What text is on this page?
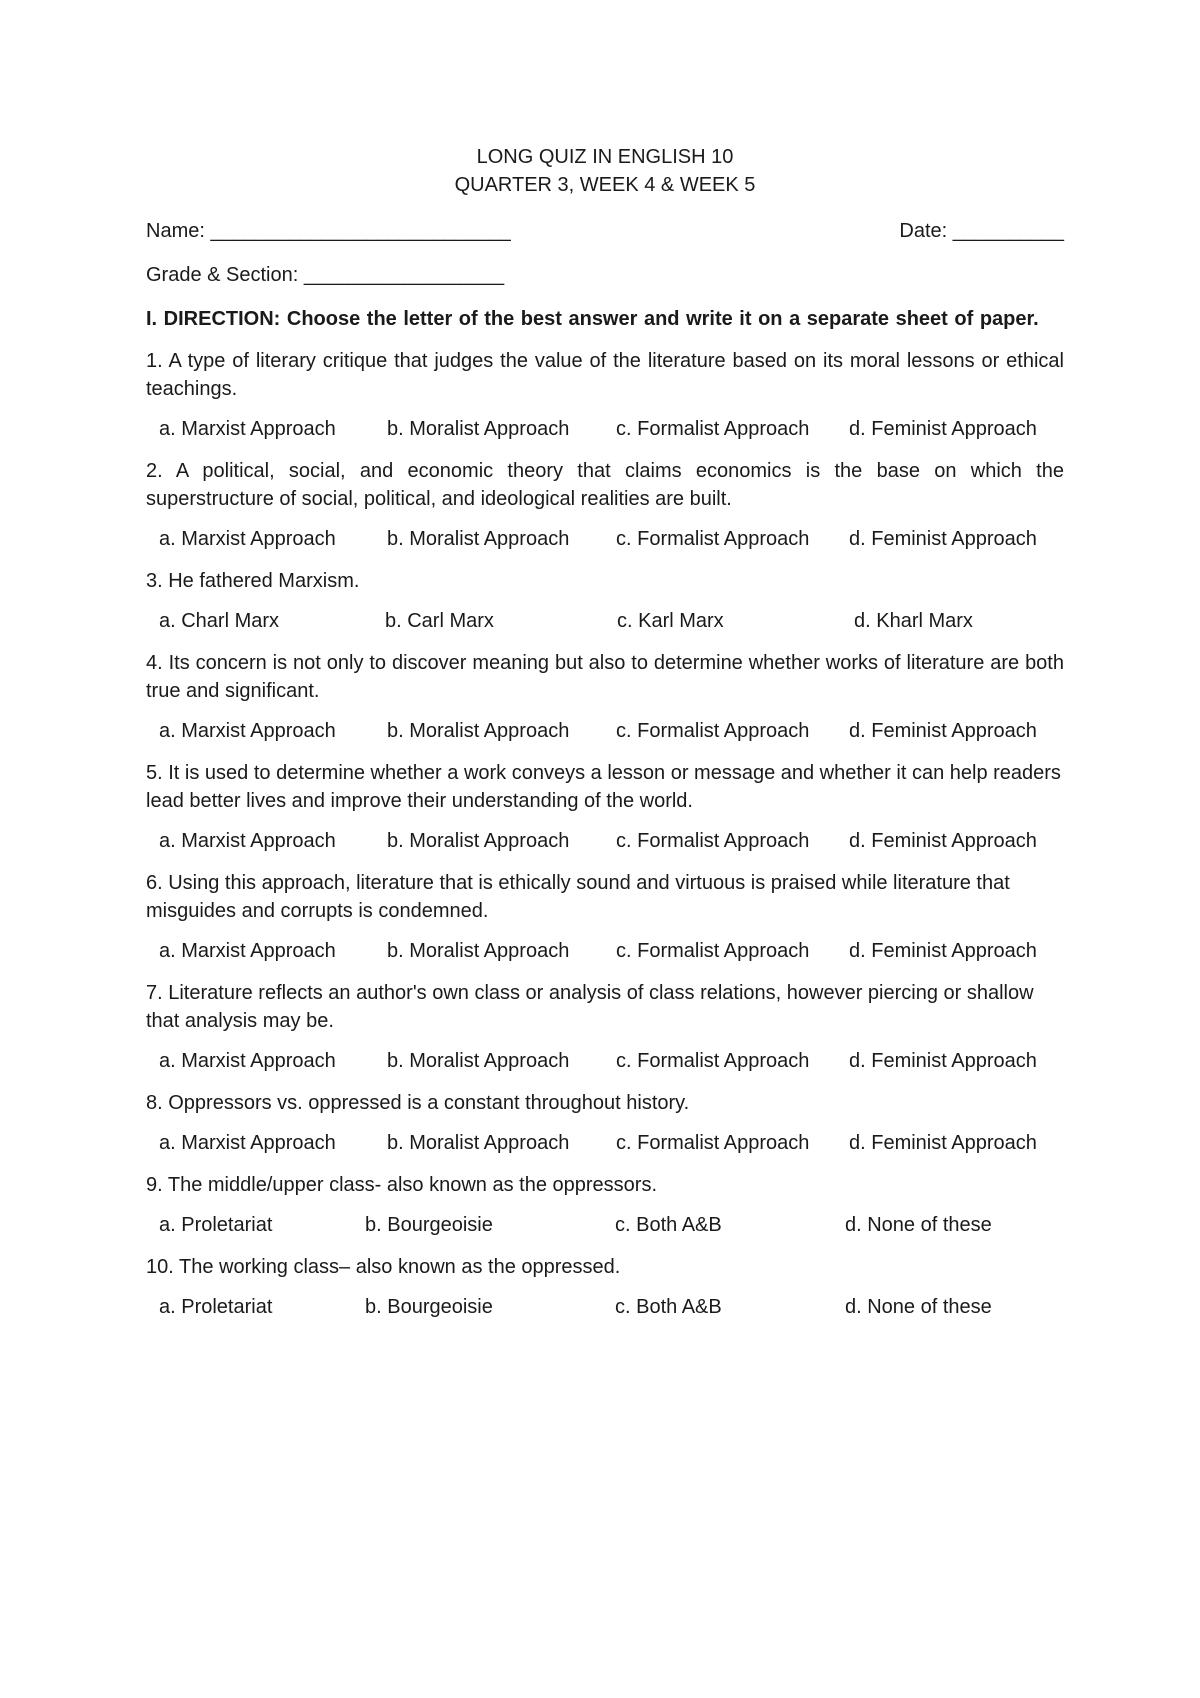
LONG QUIZ IN ENGLISH 10

QUARTER 3, WEEK 4 & WEEK 5

Name: ___________________________	Date: __________
Grade & Section: __________________
I. DIRECTION: Choose the letter of the best answer and write it on a separate sheet of paper.
1. A type of literary critique that judges the value of the literature based on its moral lessons or ethical teachings.
a. Marxist Approach	b. Moralist Approach	c. Formalist Approach	d. Feminist Approach
2. A political, social, and economic theory that claims economics is the base on which the superstructure of social, political, and ideological realities are built.
a. Marxist Approach	b. Moralist Approach	c. Formalist Approach	d. Feminist Approach
3. He fathered Marxism.
a. Charl Marx	b. Carl Marx	c. Karl Marx	d. Kharl Marx
4. Its concern is not only to discover meaning but also to determine whether works of literature are both true and significant.
a. Marxist Approach	b. Moralist Approach	c. Formalist Approach	d. Feminist Approach
5. It is used to determine whether a work conveys a lesson or message and whether it can help readers lead better lives and improve their understanding of the world.
a. Marxist Approach	b. Moralist Approach	c. Formalist Approach	d. Feminist Approach
6. Using this approach, literature that is ethically sound and virtuous is praised while literature that misguides and corrupts is condemned.
a. Marxist Approach	b. Moralist Approach	c. Formalist Approach	d. Feminist Approach
7. Literature reflects an author's own class or analysis of class relations, however piercing or shallow that analysis may be.
a. Marxist Approach	b. Moralist Approach	c. Formalist Approach	d. Feminist Approach
8. Oppressors vs. oppressed is a constant throughout history.
a. Marxist Approach	b. Moralist Approach	c. Formalist Approach	d. Feminist Approach
9. The middle/upper class- also known as the oppressors.
a. Proletariat	b. Bourgeoisie	c. Both A&B	d. None of these
10. The working class– also known as the oppressed.
a. Proletariat	b. Bourgeoisie	c. Both A&B	d. None of these
